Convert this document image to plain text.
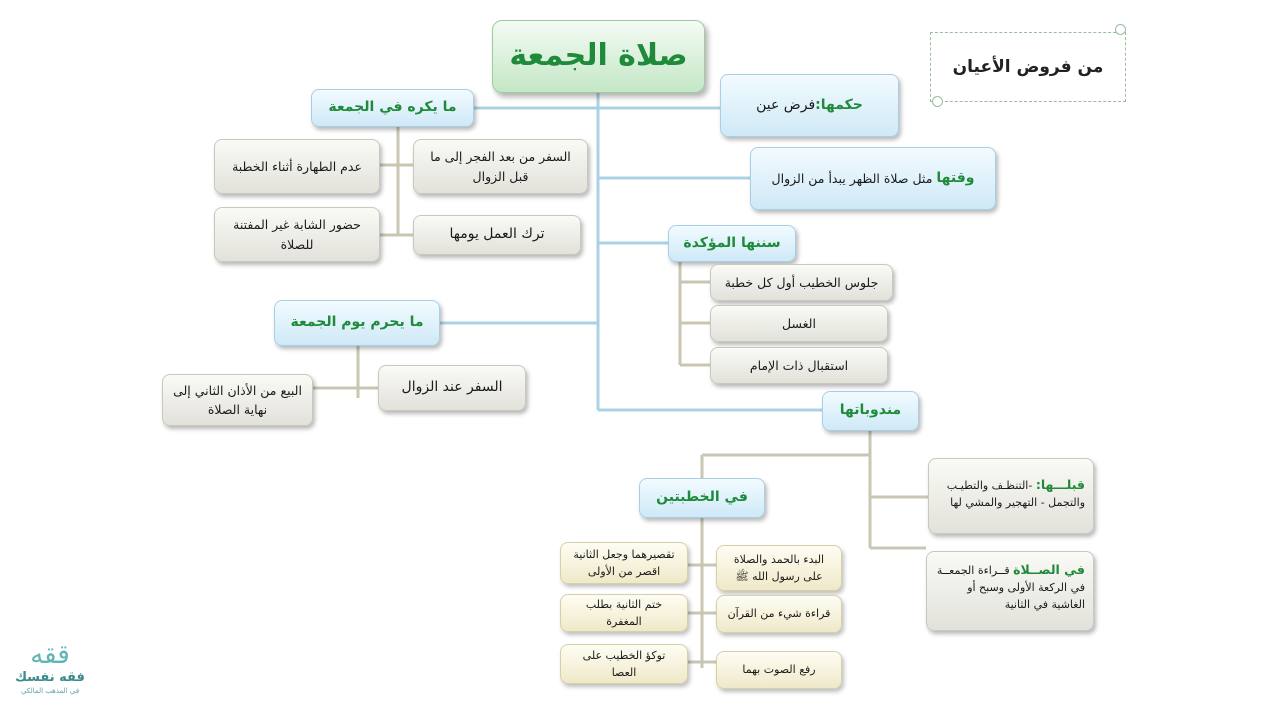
صلاة الجمعة	من فروض الأعيان
حكمها:
فرض عين
وقتها

مثل صلاة الظهر يبدأ من الزوال
سننها المؤكدة
جلوس الخطيب أول كل خطبة
الغسل
استقبال ذات الإمام
ما يكره في الجمعة
السفر من بعد الفجر إلى ما قبل الزوال
عدم الطهارة أثناء الخطبة
ترك العمل يومها
حضور الشابة غير المفتنة للصلاة
ما يحرم يوم الجمعة
السفر عند الزوال
البيع من الأذان الثاني إلى نهاية الصلاة	مندوباتها
قبلـــها: -التنظـف والتطيـب والتجمل - التهجير والمشي لها
في الصــلاة قــراءة الجمعــة في الركعة الأولى وسبح أو الغاشية في الثانية
في الخطبتين
البدء بالحمد والصلاة على رسول الله ﷺ
تقصيرهما وجعل الثانية اقصر من الأولى
قراءة شيء من القرآن
ختم الثانية بطلب المغفرة
رفع الصوت بهما
توكؤ الخطيب على العصا
ققه
فقه نفسك
في المذهب المالكي
